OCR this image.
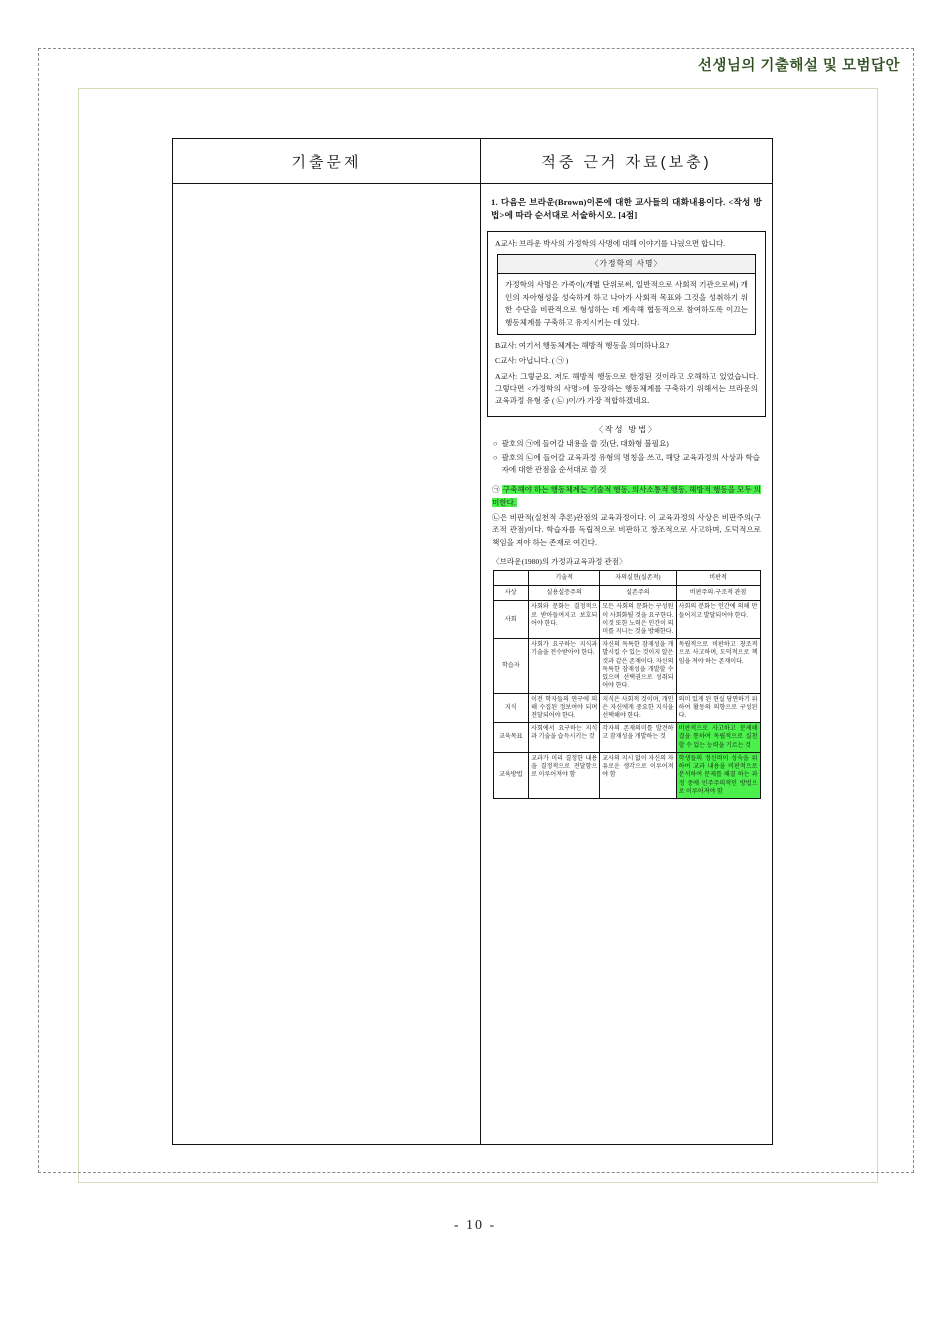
선생님의 기출해설 및 모범답안
기출문제	적중 근거 자료(보충)

1. 다음은 브라운(Brown)이론에 대한 교사들의 대화내용이다. <작성 방법>에 따라 순서대로 서술하시오. [4점]

A교사: 브라운 박사의 가정학의 사명에 대해 이야기를 나눴으면 합니다.

〈가정학의 사명〉
가정학의 사명은 가족이(개별 단위로써, 일반적으로 사회적 기관으로써) 개인의 자아형성을 성숙하게 하고 나아가 사회적 목표와 그것을 성취하기 위한 수단을 비판적으로 형성하는 데 계속해 협동적으로 참여하도록 이끄는 행동체계를 구축하고 유지시키는 데 있다.

B교사: 여기서 행동체계는 해방적 행동을 의미하나요?

C교사: 아닙니다. ( ㉠ )

A교사: 그렇군요. 저도 해방적 행동으로 한정된 것이라고 오해하고 있었습니다. 그렇다면 <가정학의 사명>에 등장하는 행동체계를 구축하기 위해서는 브라운의 교육과정 유형 중 ( ㉡ )이/가 가장 적합하겠네요.

〈작성 방법〉
○ 괄호의 ㉠에 들어갈 내용을 쓸 것(단, 대화형 불필요)
○ 괄호의 ㉡에 들어갈 교육과정 유형의 명칭을 쓰고, 해당 교육과정의 사상과 학습자에 대한 관점을 순서대로 쓸 것

㉠ 구축해야 하는 행동체계는 기술적 행동, 의사소통적 행동, 해방적 행동을 모두 의미한다.

㉡은 비판적(실천적 추론)관점의 교육과정이다. 이 교육과정의 사상은 비판주의(구조적 관점)이다. 학습자를 독립적으로 비판하고 창조적으로 사고하며, 도덕적으로 책임을 져야 하는 존재로 여긴다.

〈브라운(1980)의 가정과교육과정 관점〉
	기술적	자의실현(실존적)	비판적
사상	실용실증주의	실존주의	비판주의·구조적 관점
사회	사회와 문화는 결정적으로 받아들여지고 보호되어야 한다.	모든 사회의 문화는 구성원이 사회화될 것을 요구한다. 이것 또한 노력은 인간이 의미를 지니는 것을 방해한다.	사회의 분화는 인간에 의해 만들어지고 발달되어야 한다.
학습자	사회가 요구하는 지식과 기술을 전수받아야 한다.	자신의 독특한 잠재성을 개발시킬 수 있는 것이지 알은 것과 같은 존재이다. 자신의 독특한 잠재성을 개발할 수 있으며 선택권으로 성취되어야 한다.	독립적으로 비판하고 창조적으로 사고하며, 도덕적으로 책임을 져야 하는 존재이다.
지식	이전 학자들의 연구에 의해 수집된 정보여야 되며 전달되어야 한다.	지식은 사회적 것이며, 개인은 자신에게 중요한 지식을 선택해야 한다.	의미 있게 된 현실 당면하기 위하여 활동의 의향으로 구성된다.
교육목표	사회에서 요구하는 지식과 기술을 습득시키는 것	각자의 존재의미를 발견하고 잠재성을 개발하는 것	비판적으로 사고하고 문제해결을 통하여 독립적으로 실천할 수 있는 능력을 기르는 것
교육방법	교과가 미리 결정한 내용을 결정적으로 전달함으로 이루어져야 함	교사의 지시 없이 자신의 자유로운 생각으로 이루어져야 함	학생들의 정신력이 성숙을 위하여 교과 내용을 비판적으로 분석하여 문제를 해결 하는 과정 중에 민주주의적인 방법으로 이루어져야 함
- 10 -
